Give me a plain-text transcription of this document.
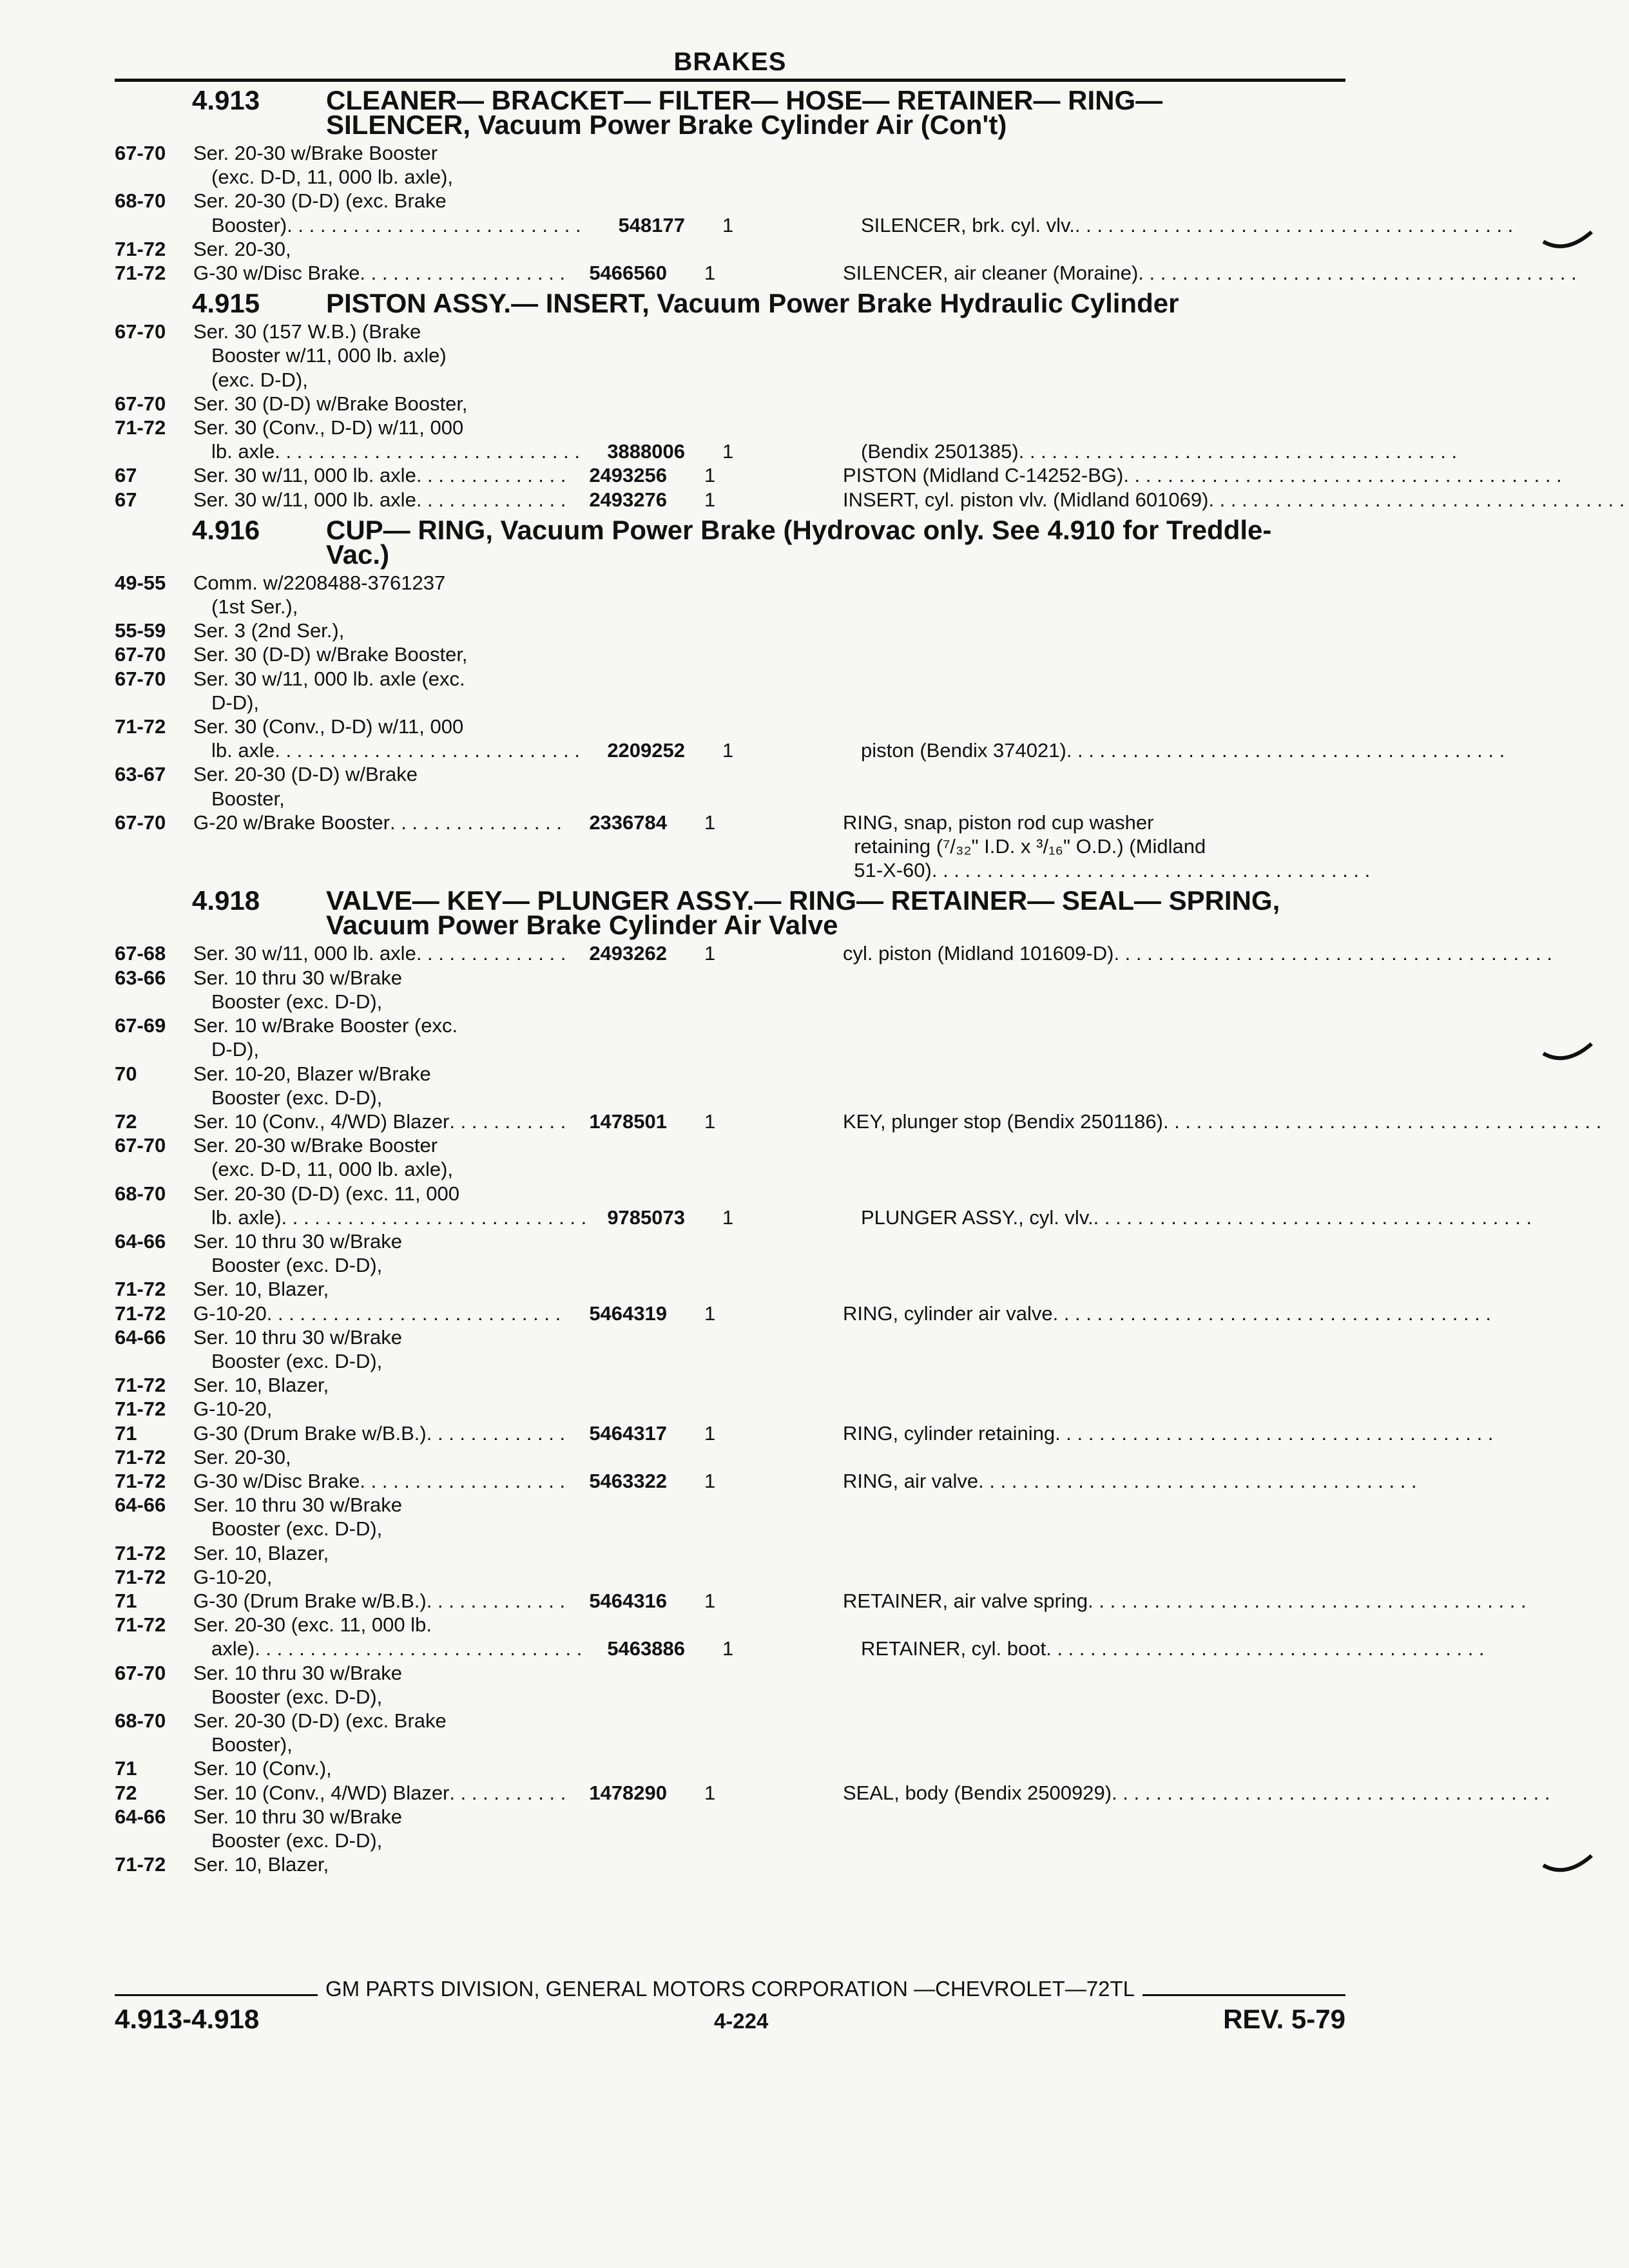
BRAKES
4.913	CLEANER— BRACKET— FILTER— HOSE— RETAINER— RING— SILENCER, Vacuum Power Brake Cylinder Air (Con't)
67-70	Ser. 20-30 w/Brake Booster
(exc. D-D, 11, 000 lb. axle),
68-70	Ser. 20-30 (D-D) (exc. Brake
Booster) . . .	548177	1	SILENCER, brk. cyl. vlv.
. . .
71-72	Ser. 20-30,
71-72	G-30 w/Disc Brake . . .	5466560	1	SILENCER, air cleaner (Moraine)
. . .
4.915	PISTON ASSY.— INSERT, Vacuum Power Brake Hydraulic Cylinder
67-70	Ser. 30 (157 W.B.) (Brake
Booster w/11, 000 lb. axle)
(exc. D-D),
67-70	Ser. 30 (D-D) w/Brake Booster,
71-72	Ser. 30 (Conv., D-D) w/11, 000
lb. axle . . .	3888006	1	(Bendix 2501385)
. . .
67	Ser. 30 w/11, 000 lb. axle . . .	2493256	1	PISTON (Midland C-14252-BG)
. . .
67	Ser. 30 w/11, 000 lb. axle . . .	2493276	1	INSERT, cyl. piston vlv. (Midland 601069)
. . .
4.916	CUP— RING, Vacuum Power Brake (Hydrovac only. See 4.910 for Treddle-Vac.)
49-55	Comm. w/2208488-3761237
(1st Ser.),
55-59	Ser. 3 (2nd Ser.),
67-70	Ser. 30 (D-D) w/Brake Booster,
67-70	Ser. 30 w/11, 000 lb. axle (exc.
D-D),
71-72	Ser. 30 (Conv., D-D) w/11, 000
lb. axle . . .	2209252	1	piston (Bendix 374021)
. . .
63-67	Ser. 20-30 (D-D) w/Brake
Booster,
67-70	G-20 w/Brake Booster . . .	2336784	1	RING, snap, piston rod cup washer
retaining (⁷/₃₂" I.D. x ³/₁₆" O.D.) (Midland
51-X-60)
. . .
4.918	VALVE— KEY— PLUNGER ASSY.— RING— RETAINER— SEAL— SPRING, Vacuum Power Brake Cylinder Air Valve
67-68	Ser. 30 w/11, 000 lb. axle . . .	2493262	1	cyl. piston (Midland 101609-D)
. . .
63-66	Ser. 10 thru 30 w/Brake
Booster (exc. D-D),
67-69	Ser. 10 w/Brake Booster (exc.
D-D),
70	Ser. 10-20, Blazer w/Brake
Booster (exc. D-D),
72	Ser. 10 (Conv., 4/WD) Blazer . . .	1478501	1	KEY, plunger stop (Bendix 2501186)
. . .
67-70	Ser. 20-30 w/Brake Booster
(exc. D-D, 11, 000 lb. axle),
68-70	Ser. 20-30 (D-D) (exc. 11, 000
lb. axle) . . .	9785073	1	PLUNGER ASSY., cyl. vlv.
. . .
64-66	Ser. 10 thru 30 w/Brake
Booster (exc. D-D),
71-72	Ser. 10, Blazer,
71-72	G-10-20 . . .	5464319	1	RING, cylinder air valve
. . .
64-66	Ser. 10 thru 30 w/Brake
Booster (exc. D-D),
71-72	Ser. 10, Blazer,
71-72	G-10-20,
71	G-30 (Drum Brake w/B.B.) . . .	5464317	1	RING, cylinder retaining
. . .
71-72	Ser. 20-30,
71-72	G-30 w/Disc Brake . . .	5463322	1	RING, air valve
. . .
64-66	Ser. 10 thru 30 w/Brake
Booster (exc. D-D),
71-72	Ser. 10, Blazer,
71-72	G-10-20,
71	G-30 (Drum Brake w/B.B.) . . .	5464316	1	RETAINER, air valve spring
. . .
71-72	Ser. 20-30 (exc. 11, 000 lb.
axle) . . .	5463886	1	RETAINER, cyl. boot
. . .
67-70	Ser. 10 thru 30 w/Brake
Booster (exc. D-D),
68-70	Ser. 20-30 (D-D) (exc. Brake
Booster),
71	Ser. 10 (Conv.),
72	Ser. 10 (Conv., 4/WD) Blazer . . .	1478290	1	SEAL, body (Bendix 2500929)
. . .
64-66	Ser. 10 thru 30 w/Brake
Booster (exc. D-D),
71-72	Ser. 10, Blazer,
GM PARTS DIVISION, GENERAL MOTORS CORPORATION —CHEVROLET—72TL
4.913-4.918	4-224	REV. 5-79
